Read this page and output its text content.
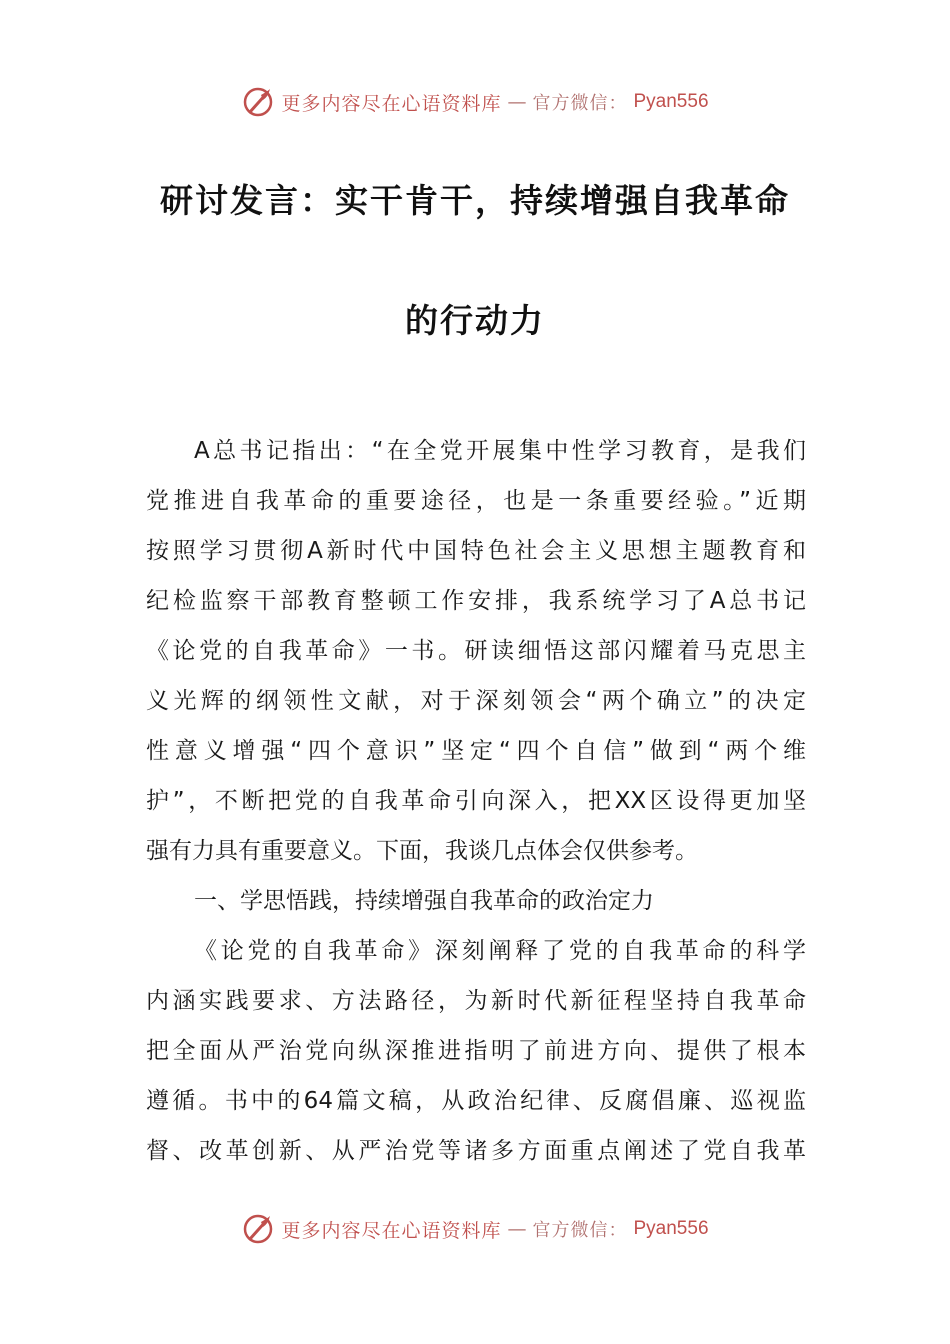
更多内容尽在心语资料库 — 官方微信： Pyan556
研讨发言：实干肯干，持续增强自我革命
的行动力
A总书记指出：“在全党开展集中性学习教育，是我们
党推进自我革命的重要途径，也是一条重要经验。”近期
按照学习贯彻A新时代中国特色社会主义思想主题教育和
纪检监察干部教育整顿工作安排，我系统学习了A总书记
《论党的自我革命》一书。研读细悟这部闪耀着马克思主
义光辉的纲领性文献，对于深刻领会“两个确立”的决定
性意义增强“四个意识”坚定“四个自信”做到“两个维
护”，不断把党的自我革命引向深入，把XX区设得更加坚
强有力具有重要意义。下面，我谈几点体会仅供参考。
一、学思悟践，持续增强自我革命的政治定力
《论党的自我革命》深刻阐释了党的自我革命的科学
内涵实践要求、方法路径，为新时代新征程坚持自我革命
把全面从严治党向纵深推进指明了前进方向、提供了根本
遵循。书中的64篇文稿，从政治纪律、反腐倡廉、巡视监
督、改革创新、从严治党等诸多方面重点阐述了党自我革
更多内容尽在心语资料库 — 官方微信： Pyan556
